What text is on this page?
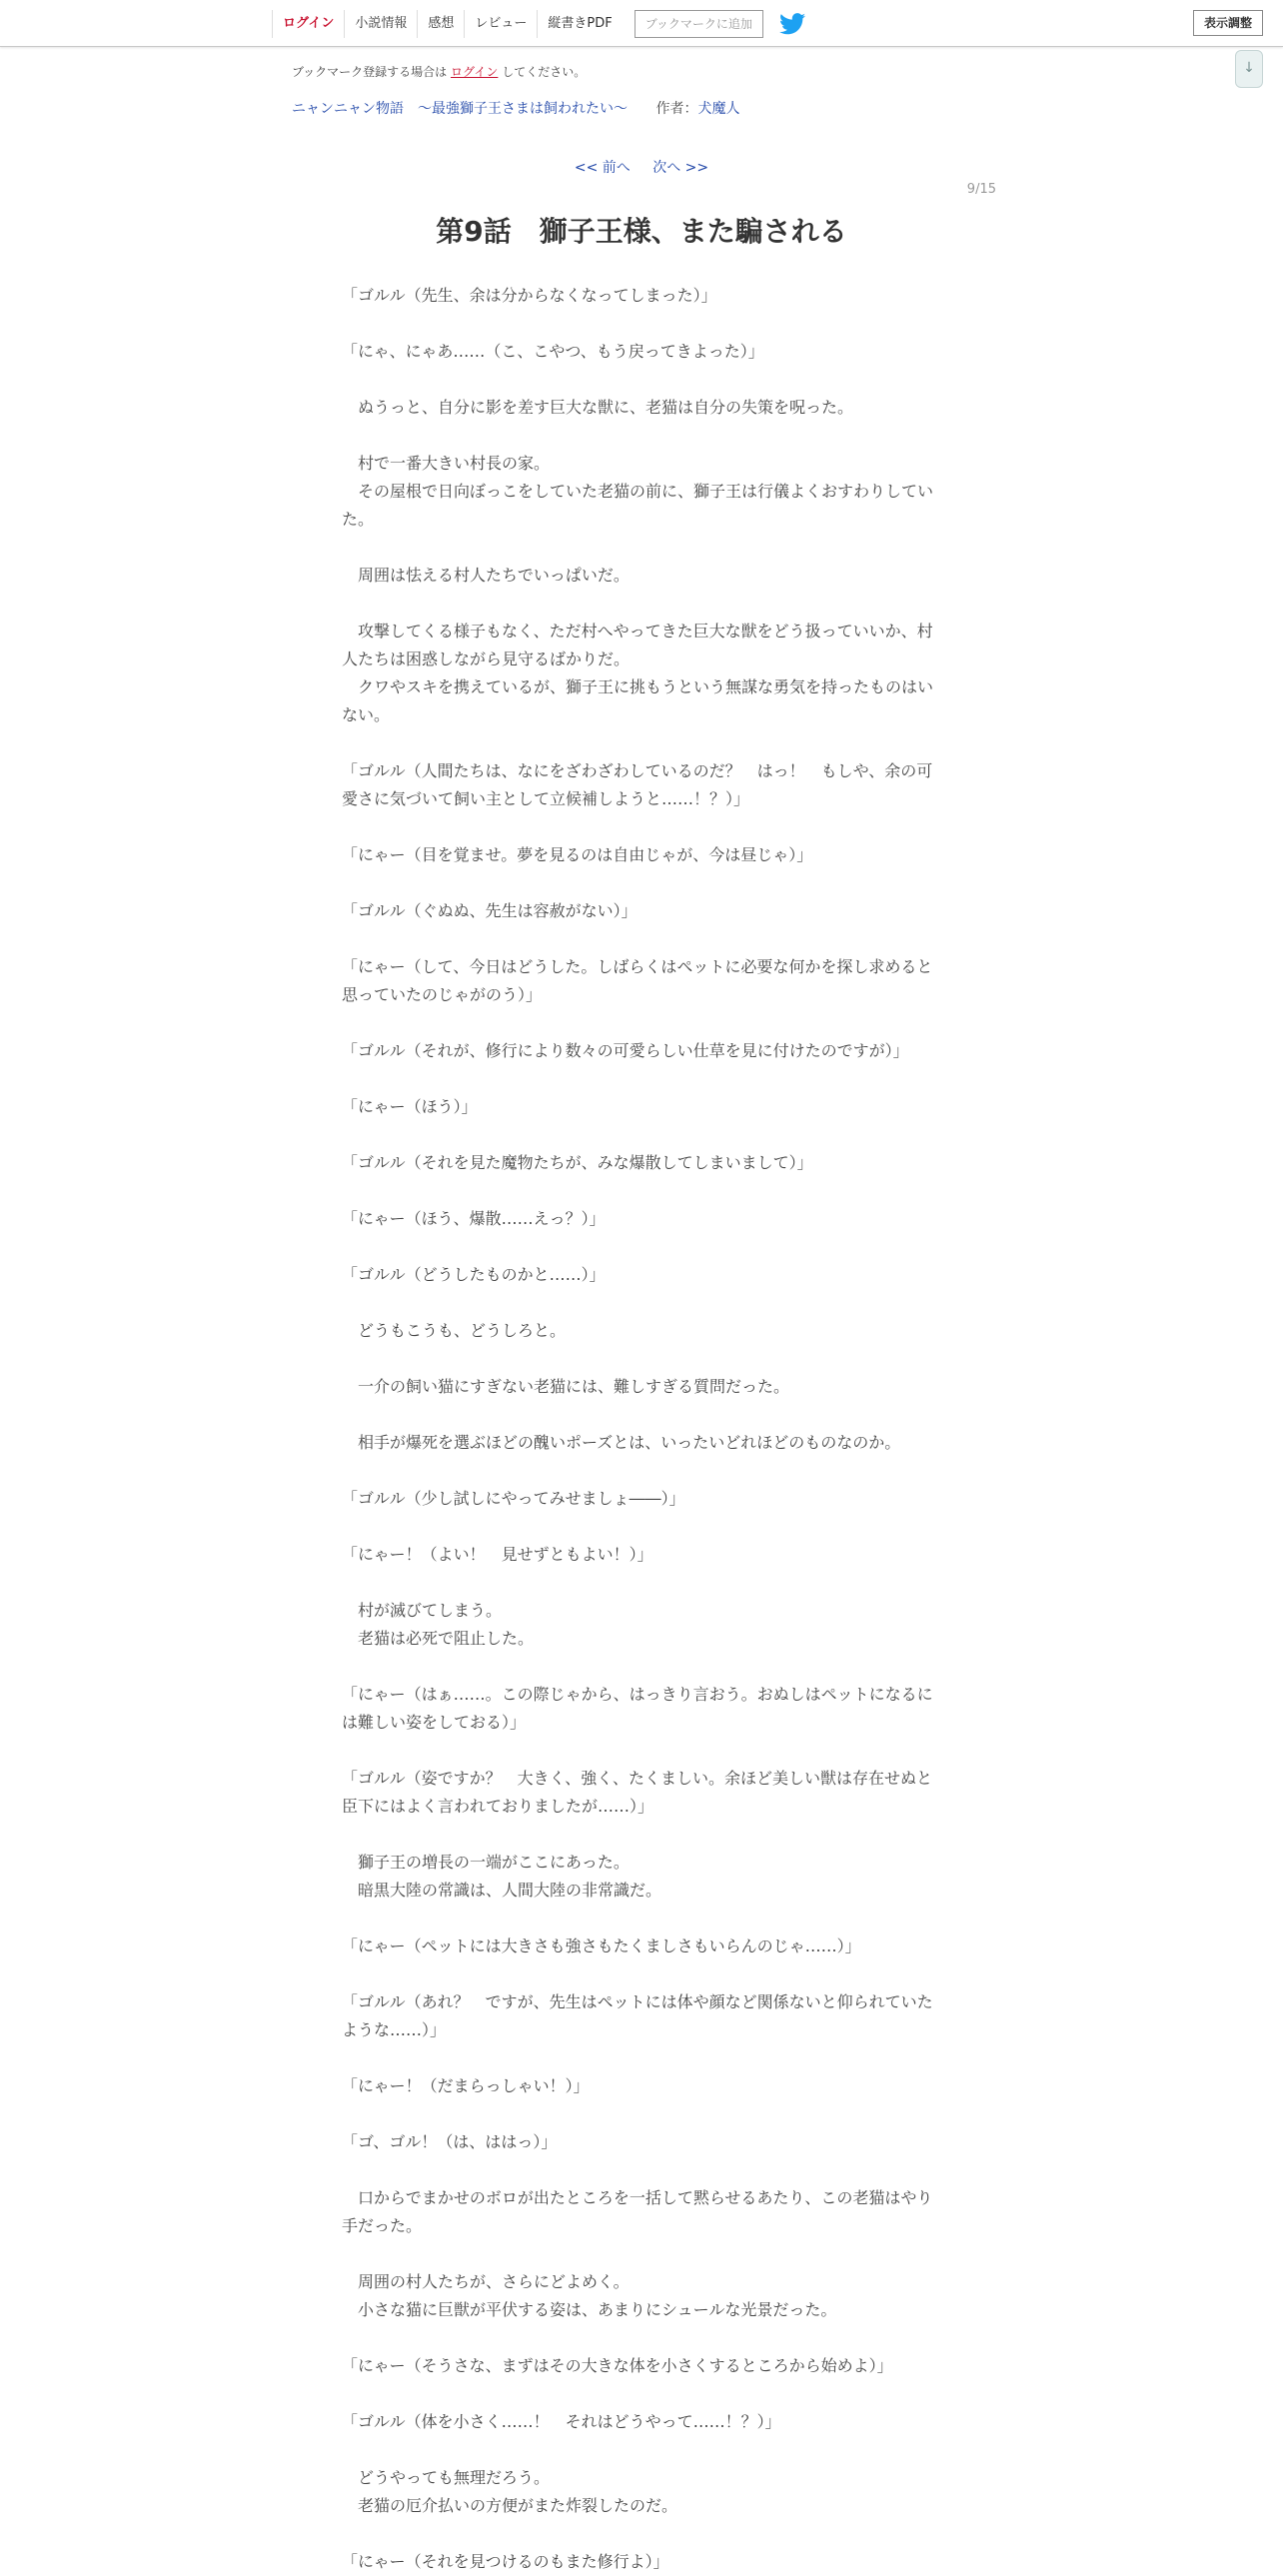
ログイン	小説情報	感想	レビュー	縦書きPDF	ブックマークに追加	表示調整
↓
ブックマーク登録する場合は ログイン してください。
ニャンニャン物語　～最強獅子王さまは飼われたい～ 作者：犬魔人
<< 前へ 次へ >>
9/15
第9話　獅子王様、また騙される

「ゴルル（先生、余は分からなくなってしまった）」

「にゃ、にゃあ……（こ、こやつ、もう戻ってきよった）」

　ぬうっと、自分に影を差す巨大な獣に、老猫は自分の失策を呪った。

　村で一番大きい村長の家。

　その屋根で日向ぼっこをしていた老猫の前に、獅子王は行儀よくおすわりしていた。

　周囲は怯える村人たちでいっぱいだ。

　攻撃してくる様子もなく、ただ村へやってきた巨大な獣をどう扱っていいか、村人たちは困惑しながら見守るばかりだ。

　クワやスキを携えているが、獅子王に挑もうという無謀な勇気を持ったものはいない。

「ゴルル（人間たちは、なにをざわざわしているのだ？　はっ！　もしや、余の可愛さに気づいて飼い主として立候補しようと……！？）」

「にゃー（目を覚ませ。夢を見るのは自由じゃが、今は昼じゃ）」

「ゴルル（ぐぬぬ、先生は容赦がない）」

「にゃー（して、今日はどうした。しばらくはペットに必要な何かを探し求めると思っていたのじゃがのう）」

「ゴルル（それが、修行により数々の可愛らしい仕草を見に付けたのですが）」

「にゃー（ほう）」

「ゴルル（それを見た魔物たちが、みな爆散してしまいまして）」

「にゃー（ほう、爆散……えっ？）」

「ゴルル（どうしたものかと……）」

　どうもこうも、どうしろと。

　一介の飼い猫にすぎない老猫には、難しすぎる質問だった。

　相手が爆死を選ぶほどの醜いポーズとは、いったいどれほどのものなのか。

「ゴルル（少し試しにやってみせましょ――）」

「にゃー！（よい！　見せずともよい！）」

　村が滅びてしまう。

　老猫は必死で阻止した。

「にゃー（はぁ……。この際じゃから、はっきり言おう。おぬしはペットになるには難しい姿をしておる）」

「ゴルル（姿ですか？　大きく、強く、たくましい。余ほど美しい獣は存在せぬと臣下にはよく言われておりましたが……）」

　獅子王の増長の一端がここにあった。

　暗黒大陸の常識は、人間大陸の非常識だ。

「にゃー（ペットには大きさも強さもたくましさもいらんのじゃ……）」

「ゴルル（あれ？　ですが、先生はペットには体や顔など関係ないと仰られていたような……）」

「にゃー！（だまらっしゃい！）」

「ゴ、ゴル！（は、ははっ）」

　口からでまかせのボロが出たところを一括して黙らせるあたり、この老猫はやり手だった。

　周囲の村人たちが、さらにどよめく。

　小さな猫に巨獣が平伏する姿は、あまりにシュールな光景だった。

「にゃー（そうさな、まずはその大きな体を小さくするところから始めよ）」

「ゴルル（体を小さく……！　それはどうやって……！？）」

　どうやっても無理だろう。

　老猫の厄介払いの方便がまた炸裂したのだ。

「にゃー（それを見つけるのもまた修行よ）」
